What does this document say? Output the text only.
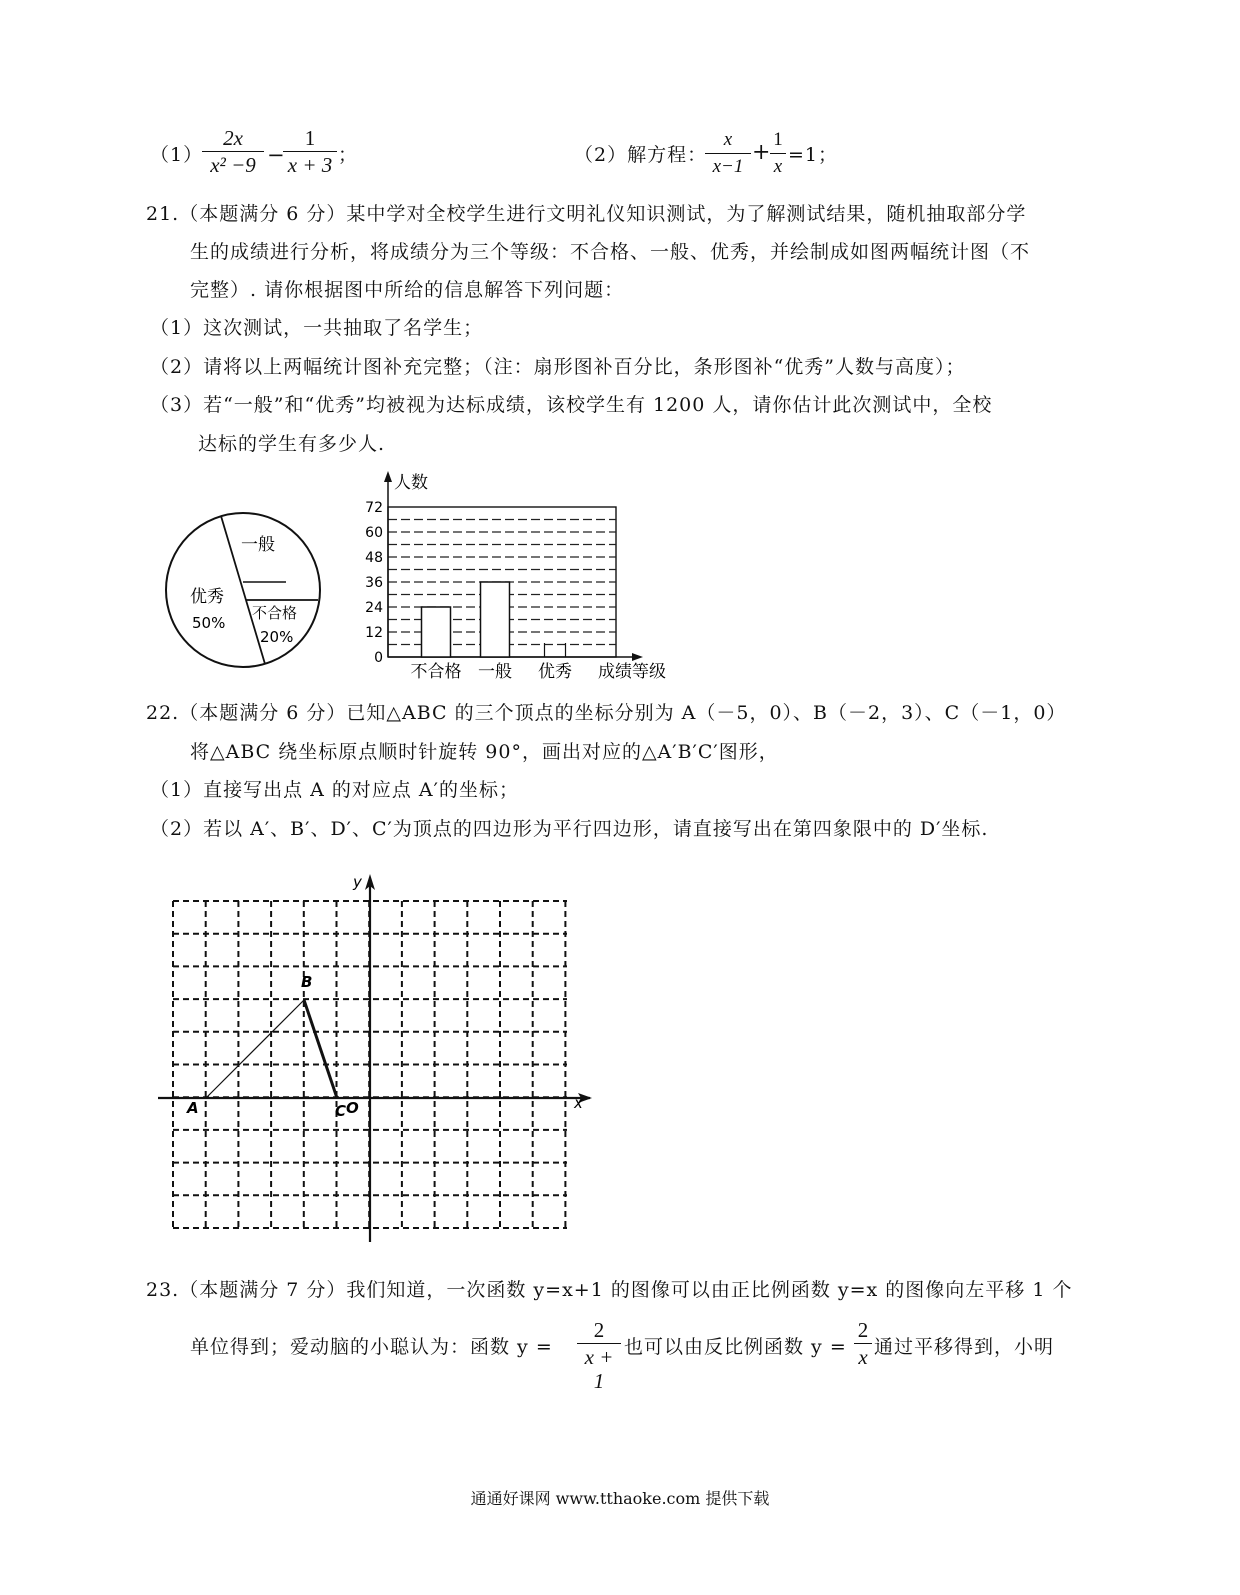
（1）
2x
x² −9 −
1
x + 3 ；	（2）解方程：
x
x−1
+
1
x
=1；
21.（本题满分 6 分）某中学对全校学生进行文明礼仪知识测试，为了解测试结果，随机抽取部分学
生的成绩进行分析，将成绩分为三个等级：不合格、一般、优秀，并绘制成如图两幅统计图（不
完整）. 请你根据图中所给的信息解答下列问题：
（1）这次测试，一共抽取了名学生；
（2）请将以上两幅统计图补充完整；（注：扇形图补百分比，条形图补“优秀”人数与高度）；
（3）若“一般”和“优秀”均被视为达标成绩，该校学生有 1200 人，请你估计此次测试中，全校
达标的学生有多少人.
一般
优秀
50%
不合格
20%
72
60
48
36
24
12
0
不合格 一般 优秀
人数
成绩等级
22.（本题满分 6 分）已知△ABC 的三个顶点的坐标分别为 A（－5，0）、B（－2，3）、C（－1，0）
将△ABC 绕坐标原点顺时针旋转 90°，画出对应的△A′B′C′图形，
（1）直接写出点 A 的对应点 A′的坐标；
（2）若以 A′、B′、D′、C′为顶点的四边形为平行四边形，请直接写出在第四象限中的 D′坐标.
x
y
O
A
B
C
23.（本题满分 7 分）我们知道，一次函数 y=x+1 的图像可以由正比例函数 y=x 的图像向左平移 1 个
单位得到；爱动脑的小聪认为：函数 y =
2
x + 1
也可以由反比例函数 y =
2
x 通过平移得到，小明
通通好课网 www.tthaoke.com 提供下载
